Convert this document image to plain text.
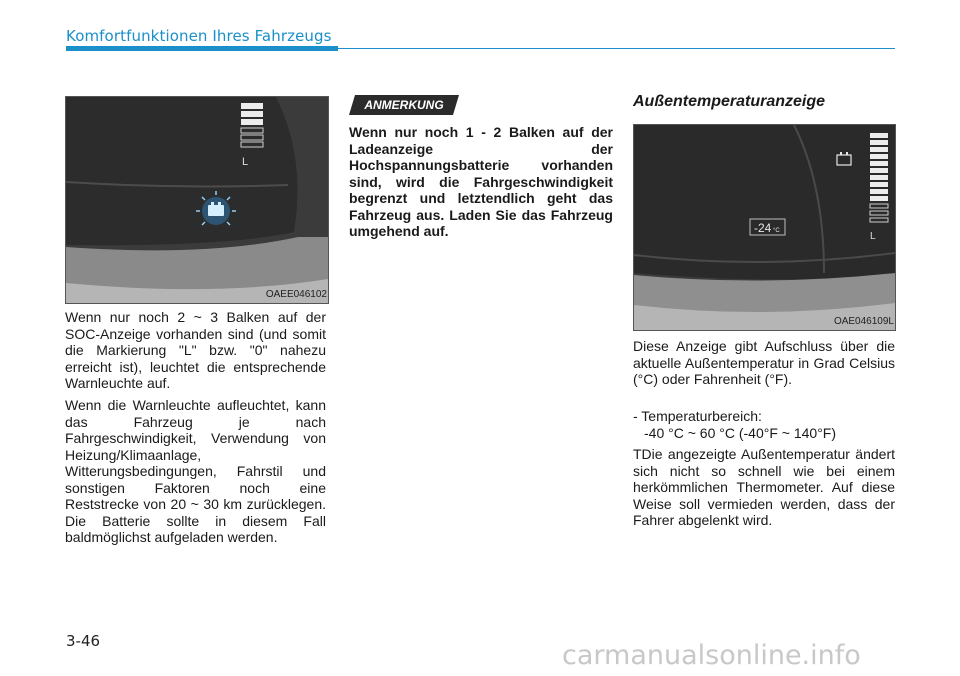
Komfortfunktionen Ihres Fahrzeugs
L
OAEE046102

Wenn nur noch 2 ~ 3 Balken auf der SOC-Anzeige vorhanden sind (und somit die Markierung "L" bzw. "0" nahezu erreicht ist), leuchtet die entsprechende Warnleuchte auf.

Wenn die Warnleuchte aufleuchtet, kann das Fahrzeug je nach Fahrgeschwindigkeit, Verwendung von Heizung/Klimaanlage, Witterungsbedingungen, Fahrstil und sonstigen Faktoren noch eine Reststrecke von 20 ~ 30 km zurücklegen. Die Batterie sollte in diesem Fall baldmöglichst aufgeladen werden.

ANMERKUNG

Wenn nur noch 1 - 2 Balken auf der Ladeanzeige der Hochspannungsbatterie vorhanden sind, wird die Fahrgeschwindigkeit begrenzt und letztendlich geht das Fahrzeug aus. Laden Sie das Fahrzeug umgehend auf.

Außentemperaturanzeige
L
-24 °C
OAE046109L

Diese Anzeige gibt Aufschluss über die aktuelle Außentemperatur in Grad Celsius (°C) oder Fahrenheit (°F).

- Temperaturbereich:

-40 °C ~ 60 °C (-40°F ~ 140°F)

TDie angezeigte Außentemperatur ändert sich nicht so schnell wie bei einem herkömmlichen Thermometer. Auf diese Weise soll vermieden werden, dass der Fahrer abgelenkt wird.

3-46	carmanualsonline.info
